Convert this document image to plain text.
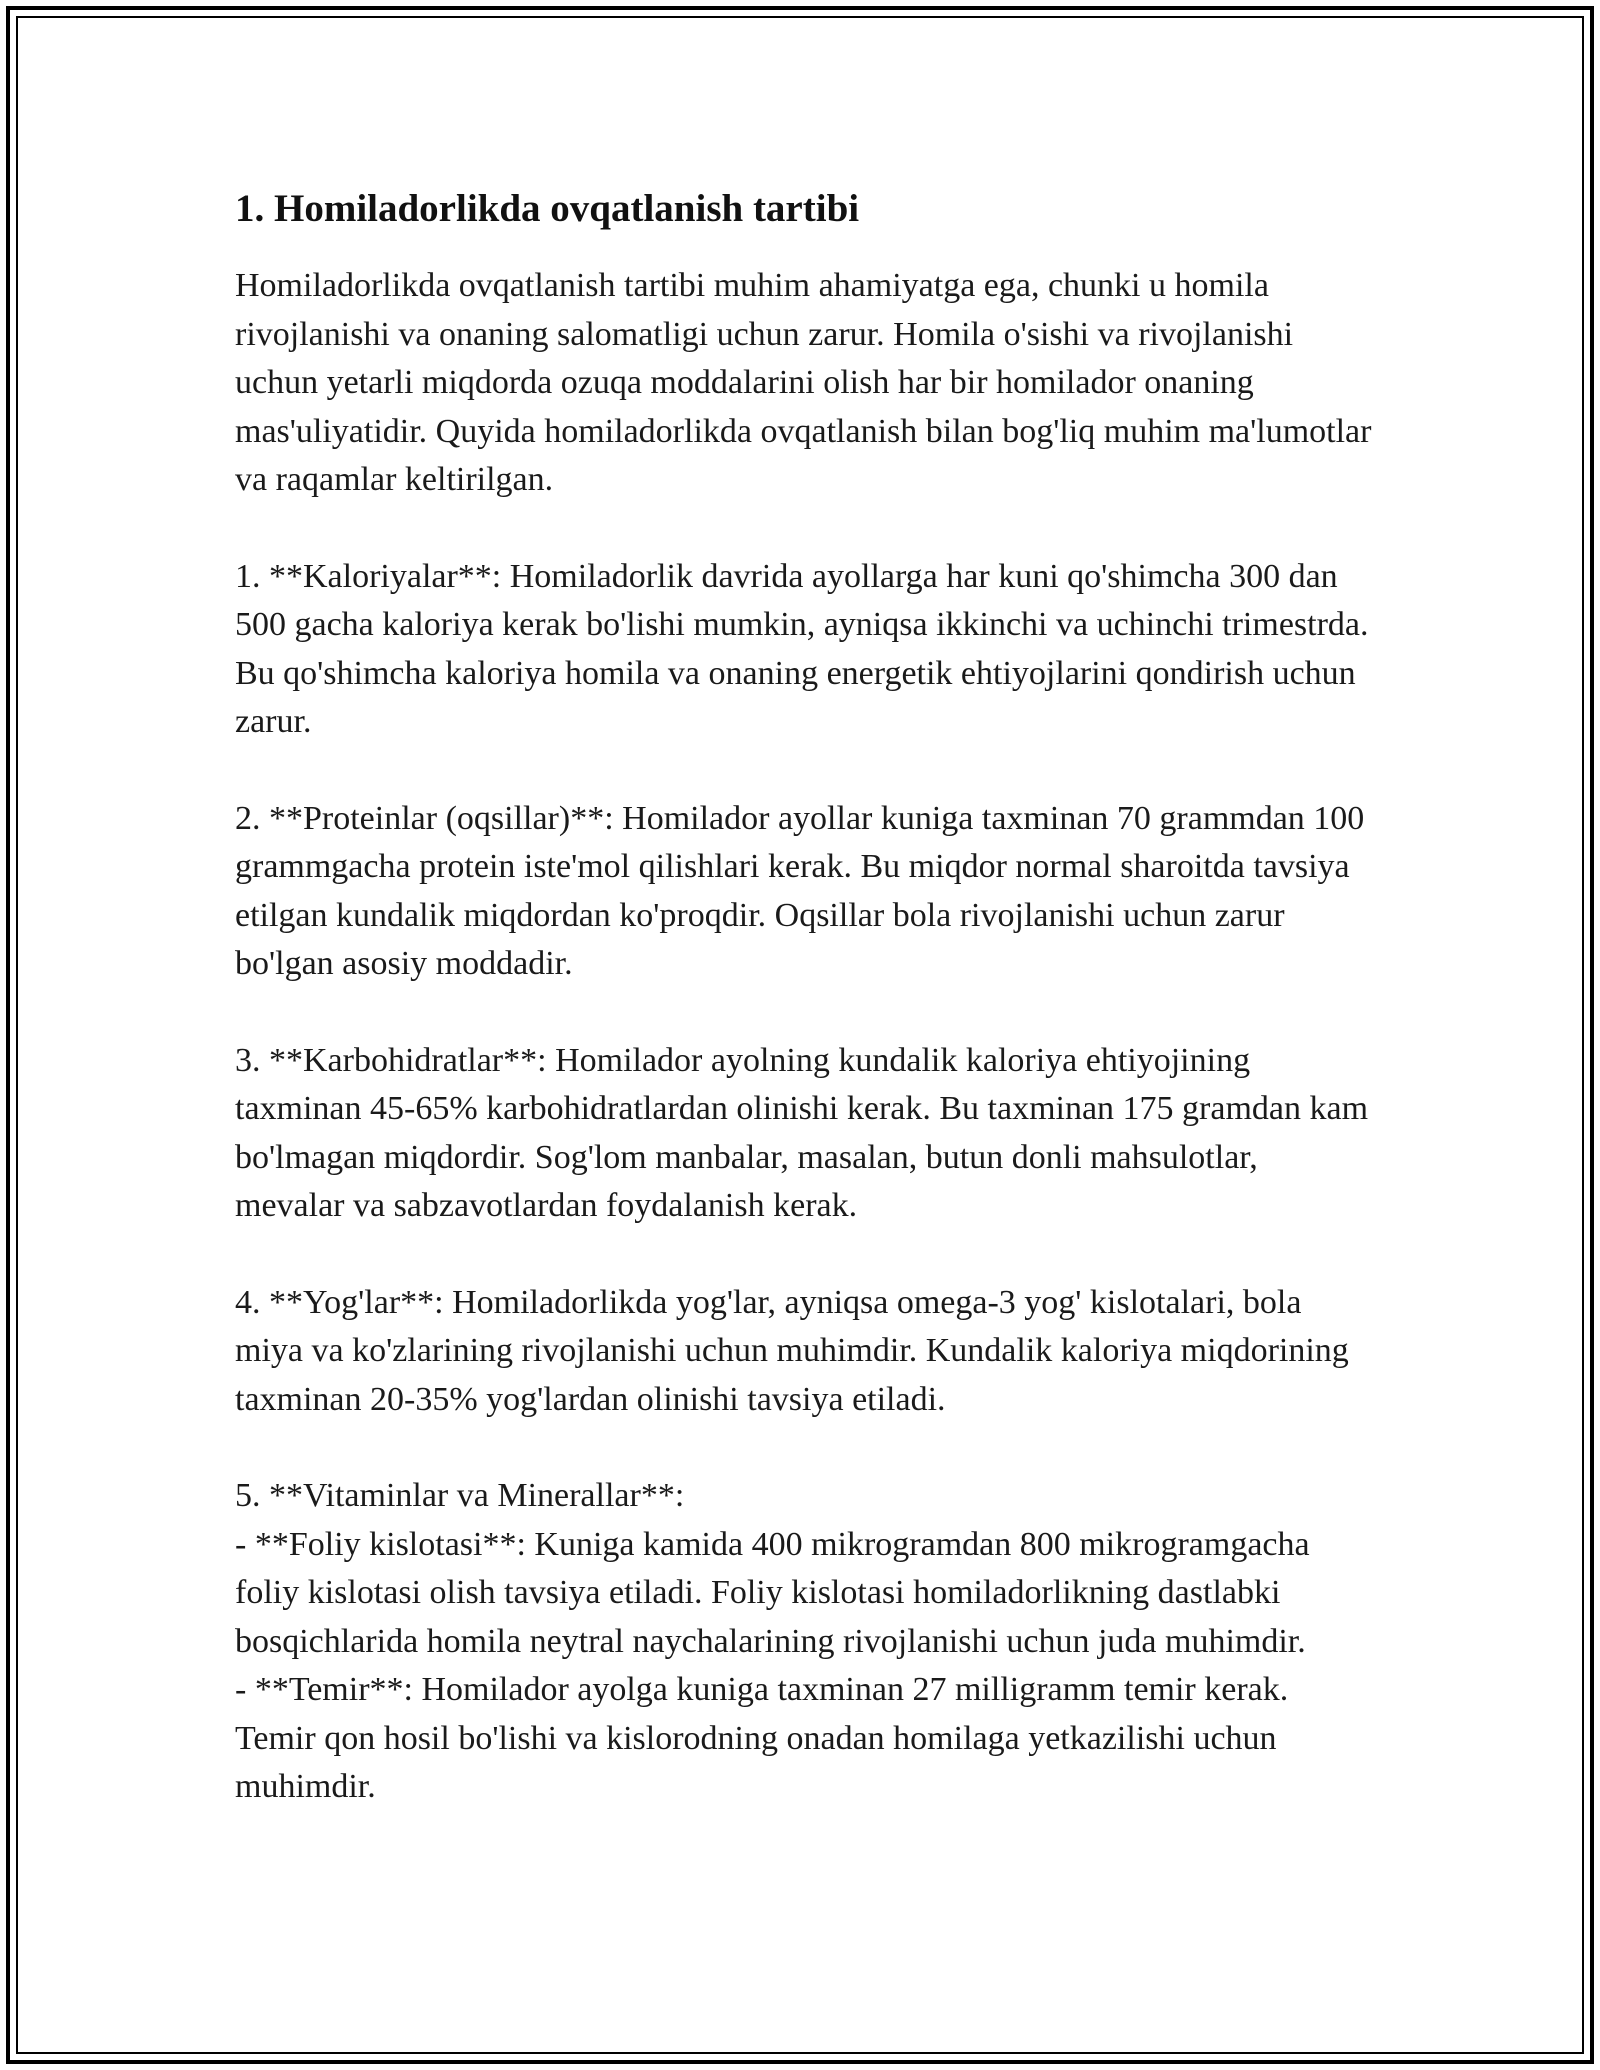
1. Homiladorlikda ovqatlanish tartibi

Homiladorlikda ovqatlanish tartibi muhim ahamiyatga ega, chunki u homila rivojlanishi va onaning salomatligi uchun zarur. Homila o'sishi va rivojlanishi uchun yetarli miqdorda ozuqa moddalarini olish har bir homilador onaning mas'uliyatidir. Quyida homiladorlikda ovqatlanish bilan bog'liq muhim ma'lumotlar va raqamlar keltirilgan.

1. **Kaloriyalar**: Homiladorlik davrida ayollarga har kuni qo'shimcha 300 dan 500 gacha kaloriya kerak bo'lishi mumkin, ayniqsa ikkinchi va uchinchi trimestrda. Bu qo'shimcha kaloriya homila va onaning energetik ehtiyojlarini qondirish uchun zarur.

2. **Proteinlar (oqsillar)**: Homilador ayollar kuniga taxminan 70 grammdan 100 grammgacha protein iste'mol qilishlari kerak. Bu miqdor normal sharoitda tavsiya etilgan kundalik miqdordan ko'proqdir. Oqsillar bola rivojlanishi uchun zarur bo'lgan asosiy moddadir.

3. **Karbohidratlar**: Homilador ayolning kundalik kaloriya ehtiyojining taxminan 45-65% karbohidratlardan olinishi kerak. Bu taxminan 175 gramdan kam bo'lmagan miqdordir. Sog'lom manbalar, masalan, butun donli mahsulotlar, mevalar va sabzavotlardan foydalanish kerak.

4. **Yog'lar**: Homiladorlikda yog'lar, ayniqsa omega-3 yog' kislotalari, bola miya va ko'zlarining rivojlanishi uchun muhimdir. Kundalik kaloriya miqdorining taxminan 20-35% yog'lardan olinishi tavsiya etiladi.

5. **Vitaminlar va Minerallar**:
- **Foliy kislotasi**: Kuniga kamida 400 mikrogramdan 800 mikrogramgacha foliy kislotasi olish tavsiya etiladi. Foliy kislotasi homiladorlikning dastlabki bosqichlarida homila neytral naychalarining rivojlanishi uchun juda muhimdir.
- **Temir**: Homilador ayolga kuniga taxminan 27 milligramm temir kerak. Temir qon hosil bo'lishi va kislorodning onadan homilaga yetkazilishi uchun muhimdir.
